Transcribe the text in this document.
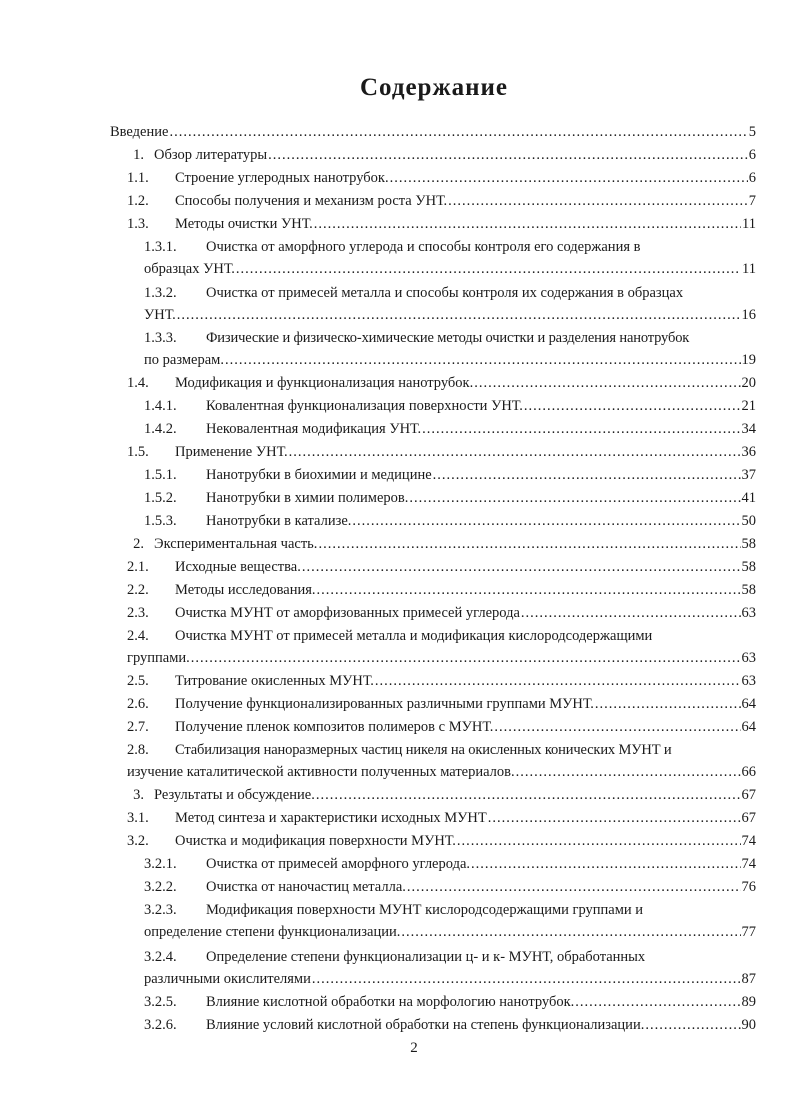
Содержание
Введение .....	5
1. Обзор литературы .....	6
1.1.	Строение углеродных нанотрубок. .....	6
1.2.	Способы получения и механизм роста УНТ. .....	7
1.3.	Методы очистки УНТ. .....	11
1.3.1.	Очистка от аморфного углерода и способы контроля его содержания в
образцах УНТ. .....	11
1.3.2.	Очистка от примесей металла и способы контроля их содержания в образцах
УНТ. .....	16
1.3.3.	Физические и физическо-химические методы очистки и разделения нанотрубок
по размерам. .....	19
1.4.	Модификация и функционализация нанотрубок. .....	20
1.4.1.	Ковалентная функционализация поверхности УНТ. .....	21
1.4.2.	Нековалентная модификация УНТ. .....	34
1.5.	Применение УНТ. .....	36
1.5.1.	Нанотрубки в биохимии и медицине .....	37
1.5.2.	Нанотрубки в химии полимеров. .....	41
1.5.3.	Нанотрубки в катализе. .....	50
2. Экспериментальная часть. .....	58
2.1.	Исходные вещества. .....	58
2.2.	Методы исследования. .....	58
2.3.	Очистка МУНТ от аморфизованных примесей углерода .....	63
2.4.	Очистка МУНТ от примесей металла и модификация кислородсодержащими
группами. .....	63
2.5.	Титрование окисленных МУНТ. .....	63
2.6.	Получение функционализированных различными группами МУНТ. .....	64
2.7.	Получение пленок композитов полимеров с МУНТ. .....	64
2.8.	Стабилизация наноразмерных частиц никеля на окисленных конических МУНТ и
изучение каталитической активности полученных материалов. .....	66
3. Результаты и обсуждение. .....	67
3.1.	Метод синтеза и характеристики исходных МУНТ .....	67
3.2.	Очистка и модификация поверхности МУНТ. .....	74
3.2.1.	Очистка от примесей аморфного углерода. .....	74
3.2.2.	Очистка от наночастиц металла. .....	76
3.2.3.	Модификация поверхности МУНТ кислородсодержащими группами и
определение степени функционализации. .....	77
3.2.4.	Определение степени функционализации ц- и к- МУНТ, обработанных
различными окислителями .....	87
3.2.5.	Влияние кислотной обработки на морфологию нанотрубок. .....	89
3.2.6.	Влияние условий кислотной обработки на степень функционализации. .....	90
2
